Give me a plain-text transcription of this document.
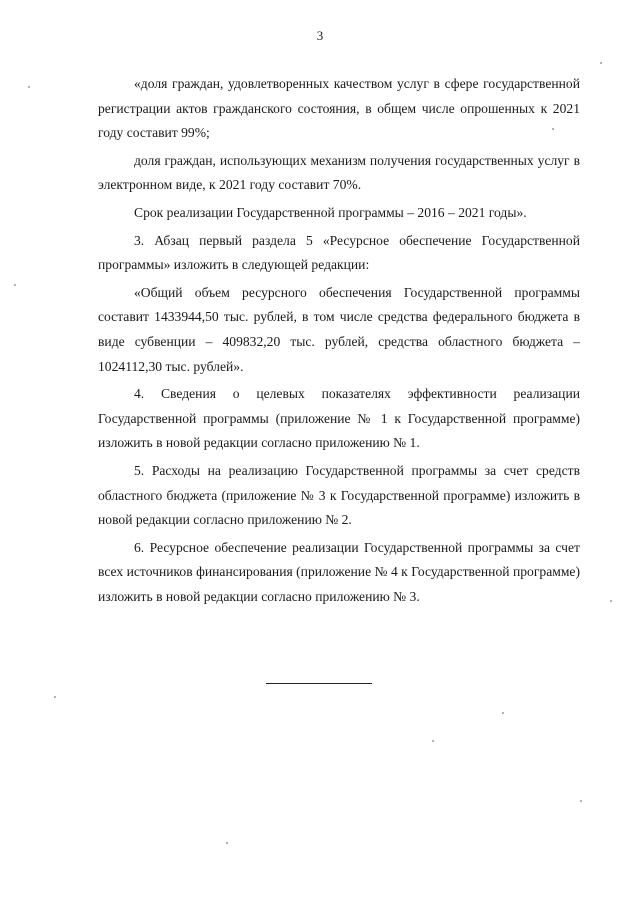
3

«доля граждан, удовлетворенных качеством услуг в сфере государственной регистрации актов гражданского состояния, в общем числе опрошенных к 2021 году составит 99%;

доля граждан, использующих механизм получения государственных услуг в электронном виде, к 2021 году составит 70%.

Срок реализации Государственной программы – 2016 – 2021 годы».

3. Абзац первый раздела 5 «Ресурсное обеспечение Государственной программы» изложить в следующей редакции:

«Общий объем ресурсного обеспечения Государственной программы составит 1433944,50 тыс. рублей, в том числе средства федерального бюджета в виде субвенции – 409832,20 тыс. рублей, средства областного бюджета – 1024112,30 тыс. рублей».

4. Сведения о целевых показателях эффективности реализации Государственной программы (приложение № 1 к Государственной программе) изложить в новой редакции согласно приложению № 1.

5. Расходы на реализацию Государственной программы за счет средств областного бюджета (приложение № 3 к Государственной программе) изложить в новой редакции согласно приложению № 2.

6. Ресурсное обеспечение реализации Государственной программы за счет всех источников финансирования (приложение № 4 к Государственной программе) изложить в новой редакции согласно приложению № 3.
